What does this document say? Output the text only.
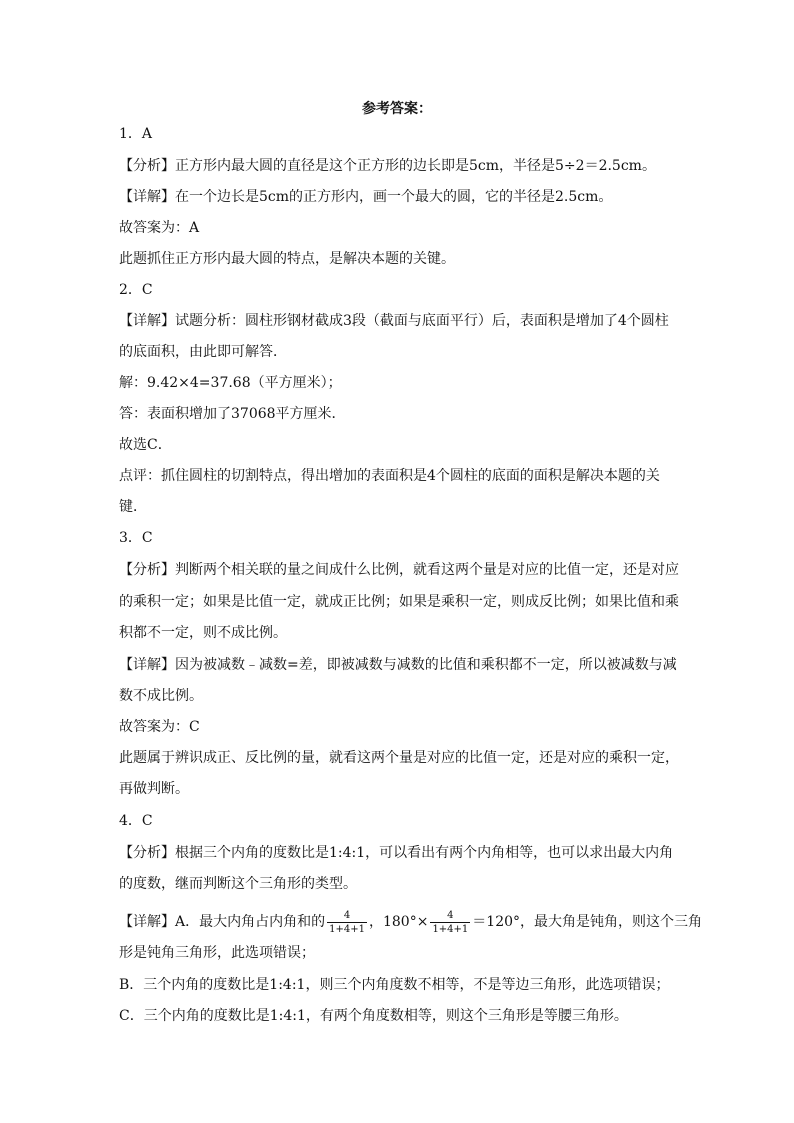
参考答案：
1．A
【分析】正方形内最大圆的直径是这个正方形的边长即是5cm，半径是5÷2＝2.5cm。
【详解】在一个边长是5cm的正方形内，画一个最大的圆，它的半径是2.5cm。
故答案为：A
此题抓住正方形内最大圆的特点，是解决本题的关键。
2．C
【详解】试题分析：圆柱形钢材截成3段（截面与底面平行）后，表面积是增加了4个圆柱
的底面积，由此即可解答．
解：9.42×4=37.68（平方厘米）；
答：表面积增加了37068平方厘米．
故选C．
点评：抓住圆柱的切割特点，得出增加的表面积是4个圆柱的底面的面积是解决本题的关
键．
3．C
【分析】判断两个相关联的量之间成什么比例，就看这两个量是对应的比值一定，还是对应
的乘积一定；如果是比值一定，就成正比例；如果是乘积一定，则成反比例；如果比值和乘
积都不一定，则不成比例。
【详解】因为被减数﹣减数=差，即被减数与减数的比值和乘积都不一定，所以被减数与减
数不成比例。
故答案为：C
此题属于辨识成正、反比例的量，就看这两个量是对应的比值一定，还是对应的乘积一定，
再做判断。
4．C
【分析】根据三个内角的度数比是1:4:1，可以看出有两个内角相等，也可以求出最大内角
的度数，继而判断这个三角形的类型。
【详解】A．最大内角占内角和的 $\frac{4}{1+4+1}$ ，$180^\circ\times \frac{4}{1+4+1} =120^\circ$，最大角是钝角，则这个三角
形是钝角三角形，此选项错误；
B．三个内角的度数比是1:4:1，则三个内角度数不相等，不是等边三角形，此选项错误；
C．三个内角的度数比是1:4:1，有两个角度数相等，则这个三角形是等腰三角形。
